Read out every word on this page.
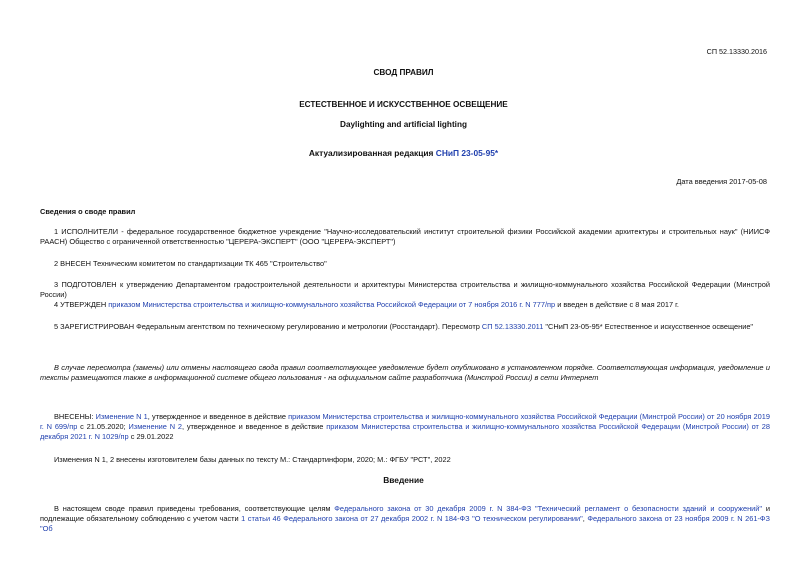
СП 52.13330.2016
СВОД ПРАВИЛ
ЕСТЕСТВЕННОЕ И ИСКУССТВЕННОЕ ОСВЕЩЕНИЕ
Daylighting and artificial lighting
Актуализированная редакция СНиП 23-05-95*
Дата введения 2017-05-08
Сведения о своде правил
1 ИСПОЛНИТЕЛИ - федеральное государственное бюджетное учреждение "Научно-исследовательский институт строительной физики Российской академии архитектуры и строительных наук" (НИИСФ РААСН) Общество с ограниченной ответственностью "ЦЕРЕРА-ЭКСПЕРТ" (ООО "ЦЕРЕРА-ЭКСПЕРТ")
2 ВНЕСЕН Техническим комитетом по стандартизации ТК 465 "Строительство"
3 ПОДГОТОВЛЕН к утверждению Департаментом градостроительной деятельности и архитектуры Министерства строительства и жилищно-коммунального хозяйства Российской Федерации (Минстрой России)
4 УТВЕРЖДЕН приказом Министерства строительства и жилищно-коммунального хозяйства Российской Федерации от 7 ноября 2016 г. N 777/пр и введен в действие с 8 мая 2017 г.
5 ЗАРЕГИСТРИРОВАН Федеральным агентством по техническому регулированию и метрологии (Росстандарт). Пересмотр СП 52.13330.2011 "СНиП 23-05-95* Естественное и искусственное освещение"
В случае пересмотра (замены) или отмены настоящего свода правил соответствующее уведомление будет опубликовано в установленном порядке. Соответствующая информация, уведомление и тексты размещаются также в информационной системе общего пользования - на официальном сайте разработчика (Минстрой России) в сети Интернет
ВНЕСЕНЫ: Изменение N 1, утвержденное и введенное в действие приказом Министерства строительства и жилищно-коммунального хозяйства Российской Федерации (Минстрой России) от 20 ноября 2019 г. N 699/пр с 21.05.2020; Изменение N 2, утвержденное и введенное в действие приказом Министерства строительства и жилищно-коммунального хозяйства Российской Федерации (Минстрой России) от 28 декабря 2021 г. N 1029/пр с 29.01.2022
Изменения N 1, 2 внесены изготовителем базы данных по тексту М.: Стандартинформ, 2020; М.: ФГБУ "РСТ", 2022
Введение
В настоящем своде правил приведены требования, соответствующие целям Федерального закона от 30 декабря 2009 г. N 384-ФЗ "Технический регламент о безопасности зданий и сооружений" и подлежащие обязательному соблюдению с учетом части 1 статьи 46 Федерального закона от 27 декабря 2002 г. N 184-ФЗ "О техническом регулировании", Федерального закона от 23 ноября 2009 г. N 261-ФЗ "Об
